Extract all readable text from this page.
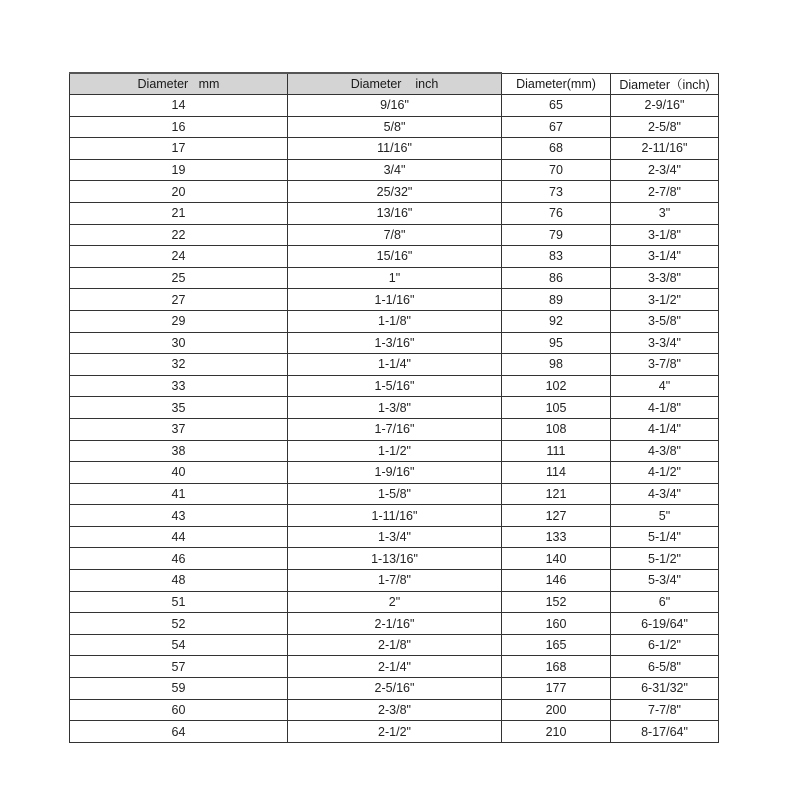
Diameter   mm	Diameter    inch	Diameter(mm)	Diameter（inch)
14	9/16"	65	2-9/16"
16	5/8"	67	2-5/8"
17	11/16"	68	2-11/16"
19	3/4"	70	2-3/4"
20	25/32"	73	2-7/8"
21	13/16"	76	3"
22	7/8"	79	3-1/8"
24	15/16"	83	3-1/4"
25	1"	86	3-3/8"
27	1-1/16"	89	3-1/2"
29	1-1/8"	92	3-5/8"
30	1-3/16"	95	3-3/4"
32	1-1/4"	98	3-7/8"
33	1-5/16"	102	4"
35	1-3/8"	105	4-1/8"
37	1-7/16"	108	4-1/4"
38	1-1/2"	111	4-3/8"
40	1-9/16"	114	4-1/2"
41	1-5/8"	121	4-3/4"
43	1-11/16"	127	5"
44	1-3/4"	133	5-1/4"
46	1-13/16"	140	5-1/2"
48	1-7/8"	146	5-3/4"
51	2"	152	6"
52	2-1/16"	160	6-19/64"
54	2-1/8"	165	6-1/2"
57	2-1/4"	168	6-5/8"
59	2-5/16"	177	6-31/32"
60	2-3/8"	200	7-7/8"
64	2-1/2"	210	8-17/64"
